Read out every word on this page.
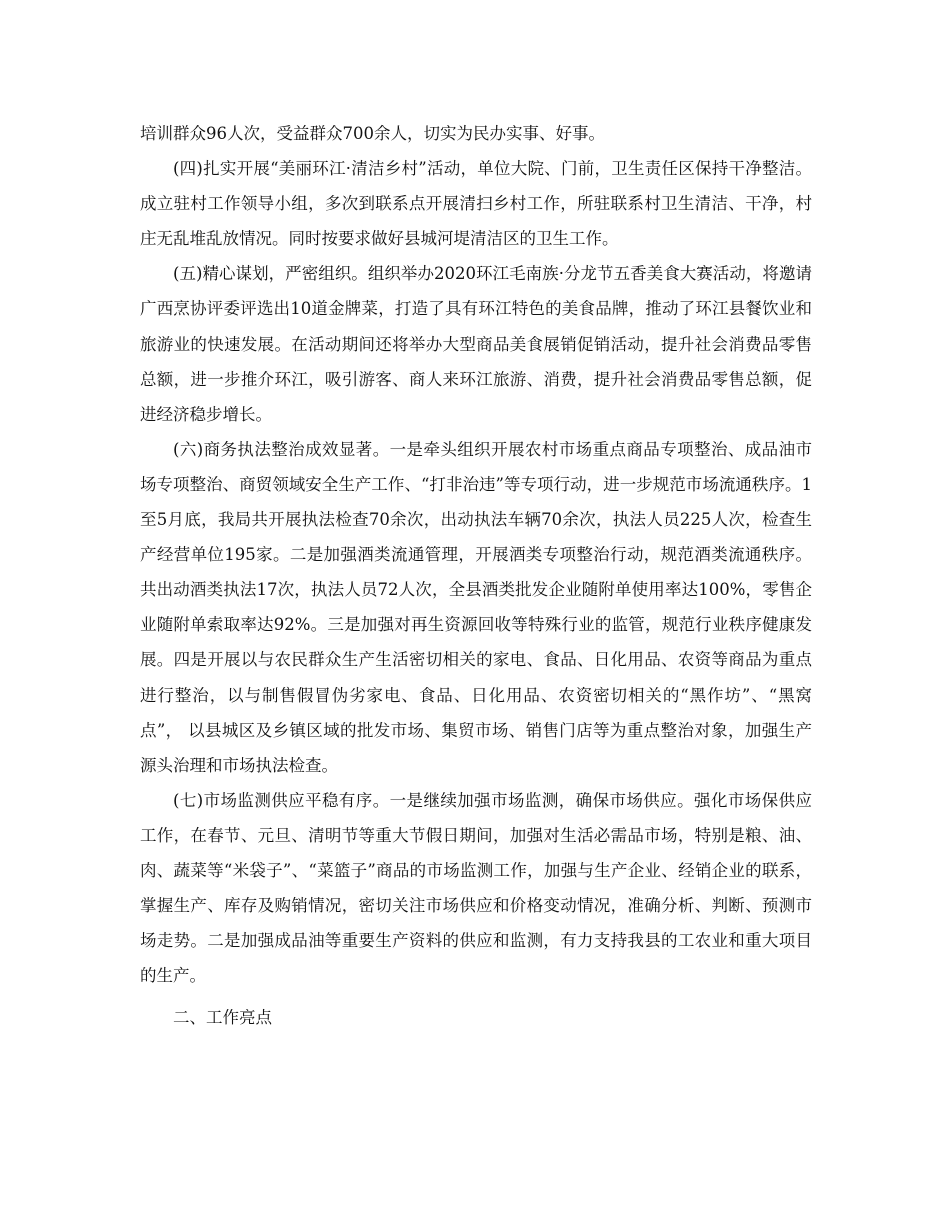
培训群众96人次，受益群众700余人，切实为民办实事、好事。

(四)扎实开展“美丽环江·清洁乡村”活动，单位大院、门前，卫生责任区保持干净整洁。成立驻村工作领导小组，多次到联系点开展清扫乡村工作，所驻联系村卫生清洁、干净，村庄无乱堆乱放情况。同时按要求做好县城河堤清洁区的卫生工作。

(五)精心谋划，严密组织。组织举办2020环江毛南族·分龙节五香美食大赛活动，将邀请广西烹协评委评选出10道金牌菜，打造了具有环江特色的美食品牌，推动了环江县餐饮业和旅游业的快速发展。在活动期间还将举办大型商品美食展销促销活动，提升社会消费品零售总额，进一步推介环江，吸引游客、商人来环江旅游、消费，提升社会消费品零售总额，促进经济稳步增长。

(六)商务执法整治成效显著。一是牵头组织开展农村市场重点商品专项整治、成品油市场专项整治、商贸领域安全生产工作、“打非治违”等专项行动，进一步规范市场流通秩序。1至5月底，我局共开展执法检查70余次，出动执法车辆70余次，执法人员225人次，检查生产经营单位195家。二是加强酒类流通管理，开展酒类专项整治行动，规范酒类流通秩序。共出动酒类执法17次，执法人员72人次，全县酒类批发企业随附单使用率达100%，零售企业随附单索取率达92%。三是加强对再生资源回收等特殊行业的监管，规范行业秩序健康发展。四是开展以与农民群众生产生活密切相关的家电、食品、日化用品、农资等商品为重点进行整治，以与制售假冒伪劣家电、食品、日化用品、农资密切相关的“黑作坊”、“黑窝点”， 以县城区及乡镇区域的批发市场、集贸市场、销售门店等为重点整治对象，加强生产源头治理和市场执法检查。

(七)市场监测供应平稳有序。一是继续加强市场监测，确保市场供应。强化市场保供应工作，在春节、元旦、清明节等重大节假日期间，加强对生活必需品市场，特别是粮、油、肉、蔬菜等“米袋子”、“菜篮子”商品的市场监测工作，加强与生产企业、经销企业的联系，掌握生产、库存及购销情况，密切关注市场供应和价格变动情况，准确分析、判断、预测市场走势。二是加强成品油等重要生产资料的供应和监测，有力支持我县的工农业和重大项目的生产。

二、工作亮点
